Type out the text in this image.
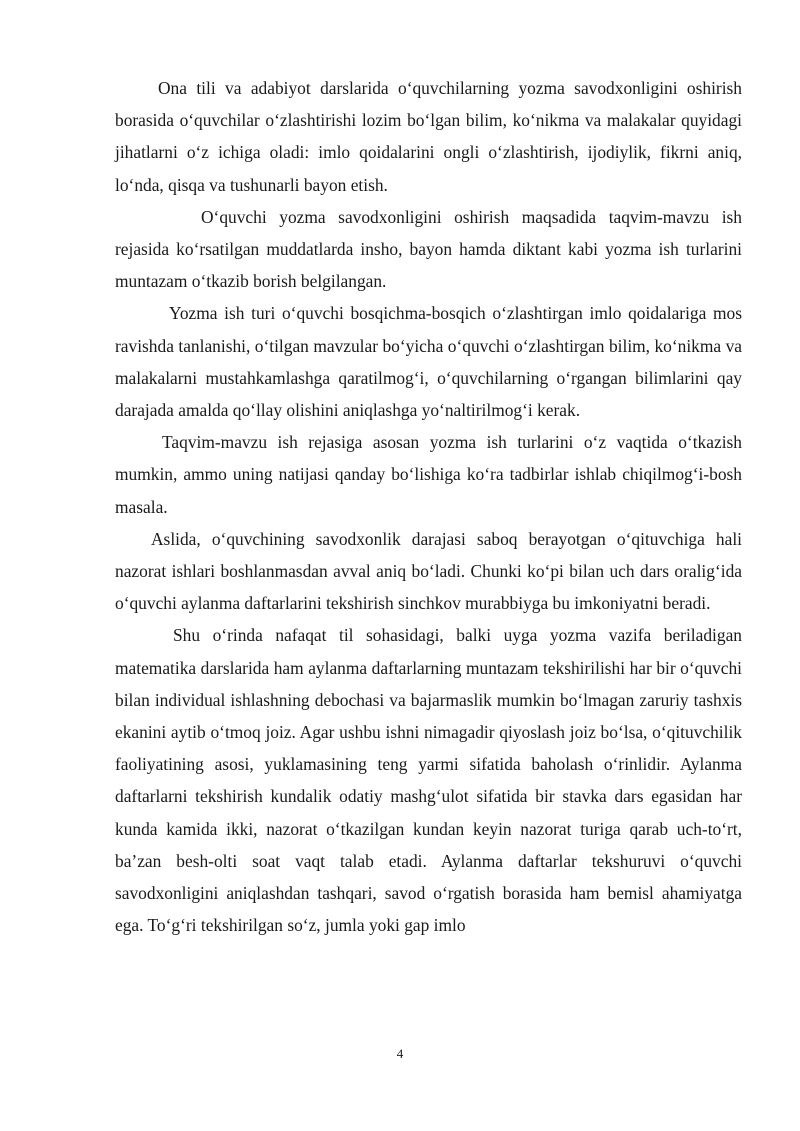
Ona tili va adabiyot darslarida o‘quvchilarning yozma savodxonligini oshirish borasida o‘quvchilar o‘zlashtirishi lozim bo‘lgan bilim, ko‘nikma va malakalar quyidagi jihatlarni o‘z ichiga oladi: imlo qoidalarini ongli o‘zlashtirish, ijodiylik, fikrni aniq, lo‘nda, qisqa va tushunarli bayon etish.

O‘quvchi yozma savodxonligini oshirish maqsadida taqvim-mavzu ish rejasida ko‘rsatilgan muddatlarda insho, bayon hamda diktant kabi yozma ish turlarini muntazam o‘tkazib borish belgilangan.

Yozma ish turi o‘quvchi bosqichma-bosqich o‘zlashtirgan imlo qoidalariga mos ravishda tanlanishi, o‘tilgan mavzular bo‘yicha o‘quvchi o‘zlashtirgan bilim, ko‘nikma va malakalarni mustahkamlashga qaratilmog‘i, o‘quvchilarning o‘rgangan bilimlarini qay darajada amalda qo‘llay olishini aniqlashga yo‘naltirilmog‘i kerak.

Taqvim-mavzu ish rejasiga asosan yozma ish turlarini o‘z vaqtida o‘tkazish mumkin, ammo uning natijasi qanday bo‘lishiga ko‘ra tadbirlar ishlab chiqilmog‘i-bosh masala.

Aslida, o‘quvchining savodxonlik darajasi saboq berayotgan o‘qituvchiga hali nazorat ishlari boshlanmasdan avval aniq bo‘ladi. Chunki ko‘pi bilan uch dars oralig‘ida o‘quvchi aylanma daftarlarini tekshirish sinchkov murabbiyga bu imkoniyatni beradi.

Shu o‘rinda nafaqat til sohasidagi, balki uyga yozma vazifa beriladigan matematika darslarida ham aylanma daftarlarning muntazam tekshirilishi har bir o‘quvchi bilan individual ishlashning debochasi va bajarmaslik mumkin bo‘lmagan zaruriy tashxis ekanini aytib o‘tmoq joiz. Agar ushbu ishni nimagadir qiyoslash joiz bo‘lsa, o‘qituvchilik faoliyatining asosi, yuklamasining teng yarmi sifatida baholash o‘rinlidir. Aylanma daftarlarni tekshirish kundalik odatiy mashg‘ulot sifatida bir stavka dars egasidan har kunda kamida ikki, nazorat o‘tkazilgan kundan keyin nazorat turiga qarab uch-to‘rt, ba’zan besh-olti soat vaqt talab etadi. Aylanma daftarlar tekshuruvi o‘quvchi savodxonligini aniqlashdan tashqari, savod o‘rgatish borasida ham bemisl ahamiyatga ega. To‘g‘ri tekshirilgan so‘z, jumla yoki gap imlo

4
